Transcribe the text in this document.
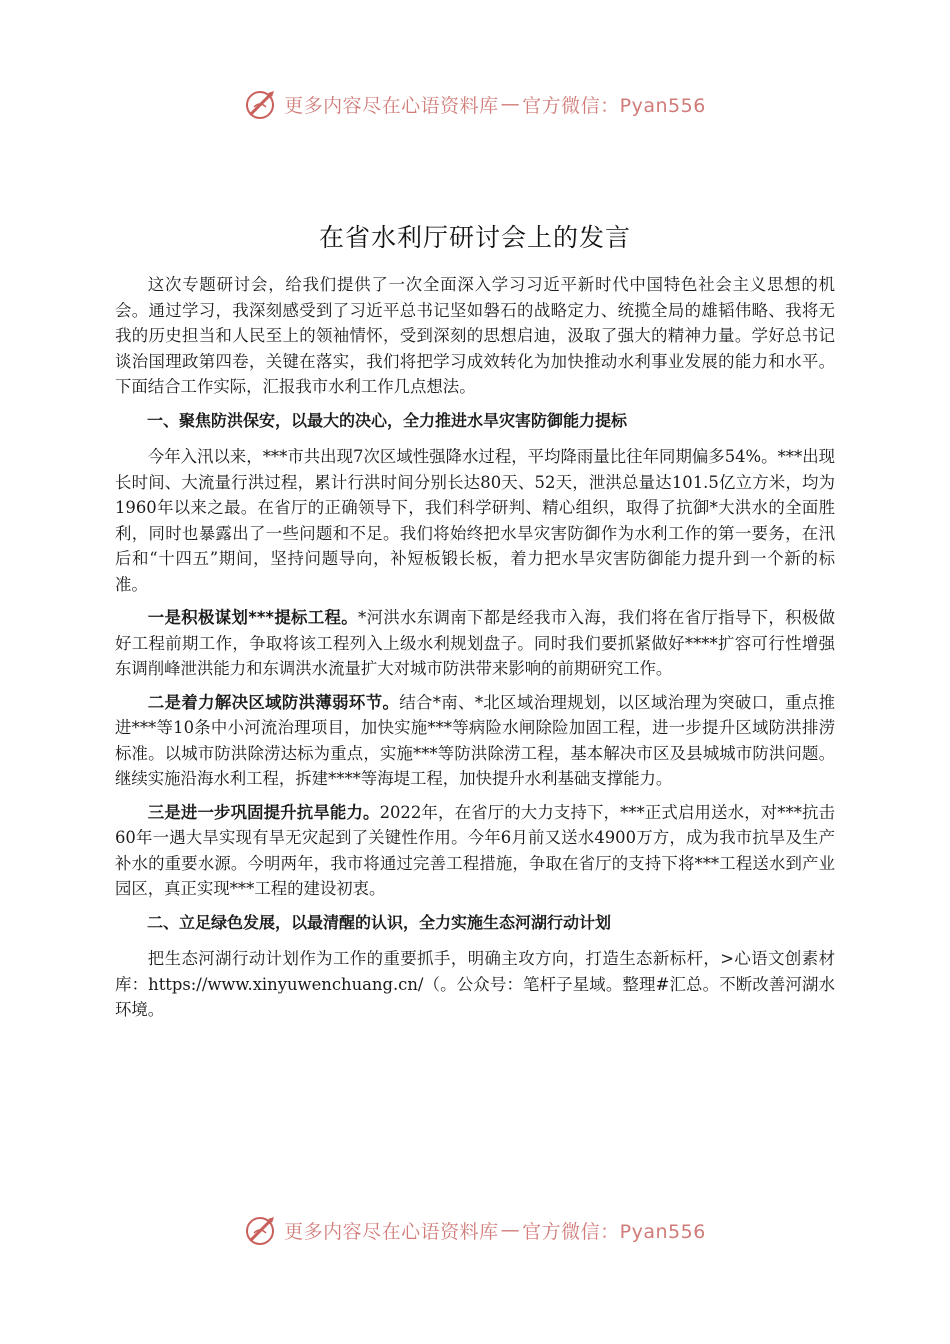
更多内容尽在心语资料库 — 官方微信：Pyan556
在省水利厅研讨会上的发言

这次专题研讨会，给我们提供了一次全面深入学习习近平新时代中国特色社会主义思想的机会。通过学习，我深刻感受到了习近平总书记坚如磐石的战略定力、统揽全局的雄韬伟略、我将无我的历史担当和人民至上的领袖情怀，受到深刻的思想启迪，汲取了强大的精神力量。学好总书记谈治国理政第四卷，关键在落实，我们将把学习成效转化为加快推动水利事业发展的能力和水平。下面结合工作实际，汇报我市水利工作几点想法。

一、聚焦防洪保安，以最大的决心，全力推进水旱灾害防御能力提标

今年入汛以来，***市共出现7次区域性强降水过程，平均降雨量比往年同期偏多54%。***出现长时间、大流量行洪过程，累计行洪时间分别长达80天、52天，泄洪总量达101.5亿立方米，均为1960年以来之最。在省厅的正确领导下，我们科学研判、精心组织，取得了抗御*大洪水的全面胜利，同时也暴露出了一些问题和不足。我们将始终把水旱灾害防御作为水利工作的第一要务，在汛后和“十四五”期间，坚持问题导向，补短板锻长板，着力把水旱灾害防御能力提升到一个新的标准。

一是积极谋划***提标工程。*河洪水东调南下都是经我市入海，我们将在省厅指导下，积极做好工程前期工作，争取将该工程列入上级水利规划盘子。同时我们要抓紧做好****扩容可行性增强东调削峰泄洪能力和东调洪水流量扩大对城市防洪带来影响的前期研究工作。

二是着力解决区域防洪薄弱环节。结合*南、*北区域治理规划，以区域治理为突破口，重点推进***等10条中小河流治理项目，加快实施***等病险水闸除险加固工程，进一步提升区域防洪排涝标准。以城市防洪除涝达标为重点，实施***等防洪除涝工程，基本解决市区及县城城市防洪问题。继续实施沿海水利工程，拆建****等海堤工程，加快提升水利基础支撑能力。

三是进一步巩固提升抗旱能力。2022年，在省厅的大力支持下，***正式启用送水，对***抗击60年一遇大旱实现有旱无灾起到了关键性作用。今年6月前又送水4900万方，成为我市抗旱及生产补水的重要水源。今明两年，我市将通过完善工程措施，争取在省厅的支持下将***工程送水到产业园区，真正实现***工程的建设初衷。

二、立足绿色发展，以最清醒的认识，全力实施生态河湖行动计划

把生态河湖行动计划作为工作的重要抓手，明确主攻方向，打造生态新标杆，>心语文创素材库：https://www.xinyuwenchuang.cn/（。公众号：笔杆子星域。整理#汇总。不断改善河湖水环境。

更多内容尽在心语资料库 — 官方微信：Pyan556
